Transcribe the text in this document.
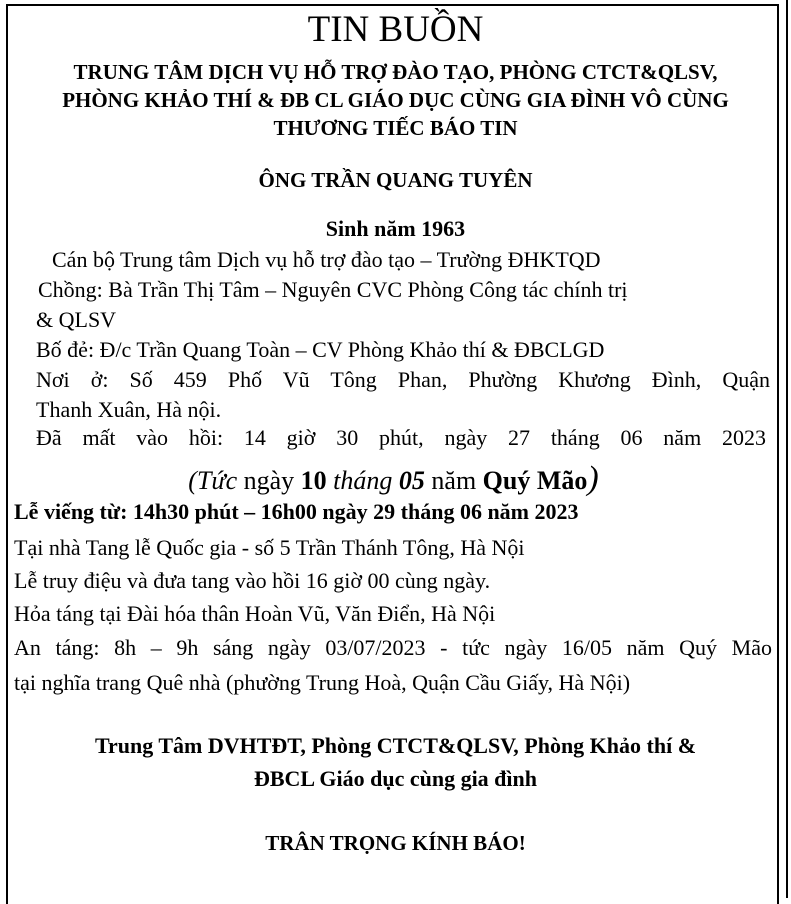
TIN BUỒN
TRUNG TÂM DỊCH VỤ HỖ TRỢ ĐÀO TẠO, PHÒNG CTCT&QLSV,
PHÒNG KHẢO THÍ & ĐB CL GIÁO DỤC CÙNG GIA ĐÌNH VÔ CÙNG
THƯƠNG TIẾC BÁO TIN
ÔNG TRẦN QUANG TUYÊN
Sinh năm 1963
Cán bộ Trung tâm Dịch vụ hỗ trợ đào tạo – Trường ĐHKTQD
Chồng: Bà Trần Thị Tâm – Nguyên CVC Phòng Công tác chính trị
& QLSV
Bố đẻ: Đ/c Trần Quang Toàn – CV Phòng Khảo thí & ĐBCLGD
Nơi ở: Số 459 Phố Vũ Tông Phan, Phường Khương Đình, Quận
Thanh Xuân, Hà nội.
Đã mất vào hồi: 14 giờ 30 phút, ngày 27 tháng 06 năm 2023
(Tức ngày 10 tháng 05 năm Quý Mão)
Lễ viếng từ: 14h30 phút – 16h00 ngày 29 tháng 06 năm 2023
Tại nhà Tang lễ Quốc gia - số 5 Trần Thánh Tông, Hà Nội
Lễ truy điệu và đưa tang vào hồi 16 giờ 00 cùng ngày.
Hỏa táng tại Đài hóa thân Hoàn Vũ, Văn Điển, Hà Nội
An táng: 8h – 9h sáng ngày 03/07/2023 - tức ngày 16/05 năm Quý Mão
tại nghĩa trang Quê nhà (phường Trung Hoà, Quận Cầu Giấy, Hà Nội)
Trung Tâm DVHTĐT, Phòng CTCT&QLSV, Phòng Khảo thí &
ĐBCL Giáo dục cùng gia đình
TRÂN TRỌNG KÍNH BÁO!
